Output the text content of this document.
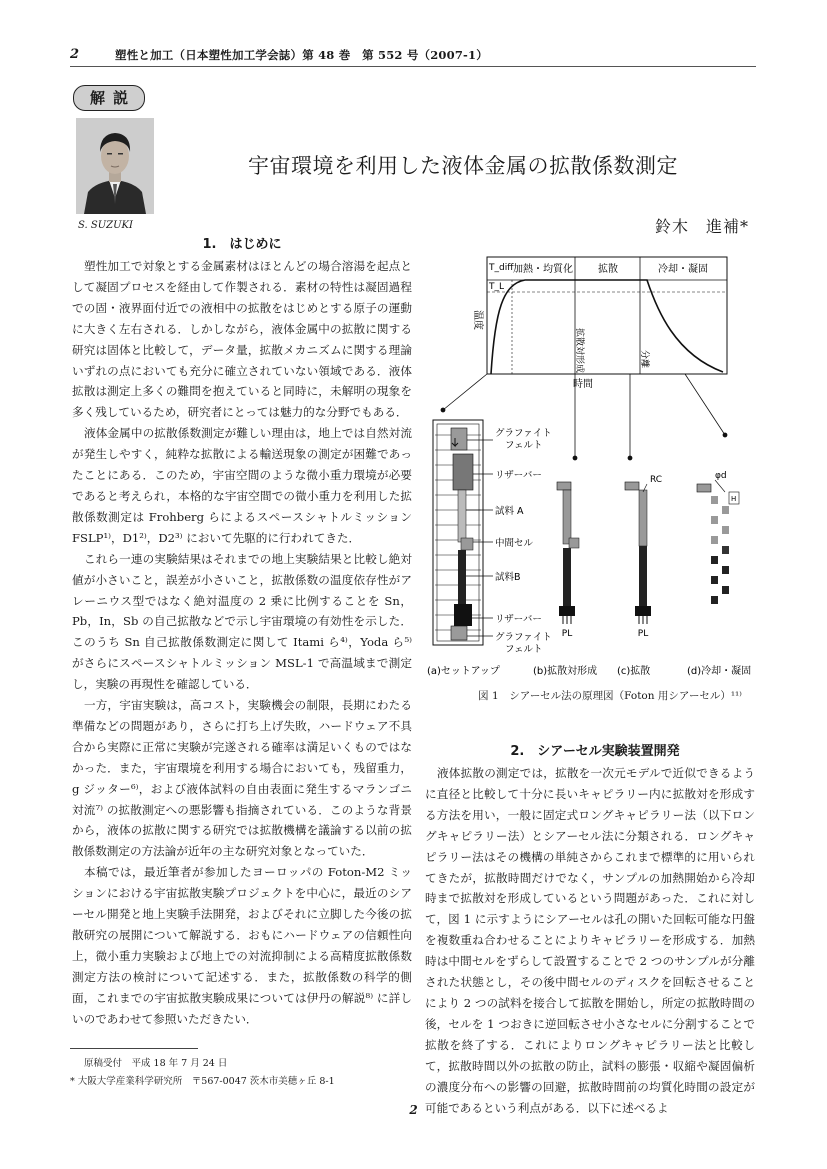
2	塑性と加工（日本塑性加工学会誌）第 48 巻　第 552 号（2007-1）
解説
S. SUZUKI
宇宙環境を利用した液体金属の拡散係数測定
鈴木　進補*
1.　はじめに

塑性加工で対象とする金属素材はほとんどの場合溶湯を起点として凝固プロセスを経由して作製される．素材の特性は凝固過程での固・液界面付近での液相中の拡散をはじめとする原子の運動に大きく左右される．しかしながら，液体金属中の拡散に関する研究は固体と比較して，データ量，拡散メカニズムに関する理論いずれの点においても充分に確立されていない領域である．液体拡散は測定上多くの難問を抱えていると同時に，未解明の現象を多く残しているため，研究者にとっては魅力的な分野でもある．

液体金属中の拡散係数測定が難しい理由は，地上では自然対流が発生しやすく，純粋な拡散による輸送現象の測定が困難であったことにある．このため，宇宙空間のような微小重力環境が必要であると考えられ，本格的な宇宙空間での微小重力を利用した拡散係数測定は Frohberg らによるスペースシャトルミッション FSLP¹⁾，D1²⁾，D2³⁾ において先駆的に行われてきた．

これら一連の実験結果はそれまでの地上実験結果と比較し絶対値が小さいこと，誤差が小さいこと，拡散係数の温度依存性がアレーニウス型ではなく絶対温度の 2 乗に比例することを Sn，Pb，In，Sb の自己拡散などで示し宇宙環境の有効性を示した．このうち Sn 自己拡散係数測定に関して Itami ら⁴⁾，Yoda ら⁵⁾ がさらにスペースシャトルミッション MSL-1 で高温域まで測定し，実験の再現性を確認している．

一方，宇宙実験は，高コスト，実験機会の制限，長期にわたる準備などの問題があり，さらに打ち上げ失敗，ハードウェア不具合から実際に正常に実験が完遂される確率は満足いくものではなかった．また，宇宙環境を利用する場合においても，残留重力，g ジッター⁶⁾，および液体試料の自由表面に発生するマランゴニ対流⁷⁾ の拡散測定への悪影響も指摘されている．このような背景から，液体の拡散に関する研究では拡散機構を議論する以前の拡散係数測定の方法論が近年の主な研究対象となっていた．

本稿では，最近筆者が参加したヨーロッパの Foton-M2 ミッションにおける宇宙拡散実験プロジェクトを中心に，最近のシアーセル開発と地上実験手法開発，およびそれに立脚した今後の拡散研究の展開について解説する．おもにハードウェアの信頼性向上，微小重力実験および地上での対流抑制による高精度拡散係数測定方法の検討について記述する．また，拡散係数の科学的側面，これまでの宇宙拡散実験成果については伊丹の解説⁸⁾ に詳しいのであわせて参照いただきたい．

T_diff
T_L
加熱・均質化	拡散	冷却・凝固
拡散対形成	分離
温度
時間
グラファイト
フェルト
リザーバー
試料 A
中間セル
試料B
リザーバー
グラファイト
フェルト
PL	PL
RC	φd
H
(a)セットアップ	(b)拡散対形成 (c)拡散	(d)冷却・凝固
図 1　シアーセル法の原理図（Foton 用シアーセル）¹¹⁾
2.　シアーセル実験装置開発

液体拡散の測定では，拡散を一次元モデルで近似できるように直径と比較して十分に長いキャピラリー内に拡散対を形成する方法を用い，一般に固定式ロングキャピラリー法（以下ロングキャピラリー法）とシアーセル法に分類される．ロングキャピラリー法はその機構の単純さからこれまで標準的に用いられてきたが，拡散時間だけでなく，サンプルの加熱開始から冷却時まで拡散対を形成しているという問題があった．これに対して，図 1 に示すようにシアーセルは孔の開いた回転可能な円盤を複数重ね合わせることによりキャピラリーを形成する．加熱時は中間セルをずらして設置することで 2 つのサンプルが分離された状態とし，その後中間セルのディスクを回転させることにより 2 つの試料を接合して拡散を開始し，所定の拡散時間の後，セルを 1 つおきに逆回転させ小さなセルに分割することで拡散を終了する．これによりロングキャピラリー法と比較して，拡散時間以外の拡散の防止，試料の膨張・収縮や凝固偏析の濃度分布への影響の回避，拡散時間前の均質化時間の設定が可能であるという利点がある．以下に述べるよ

原稿受付　平成 18 年 7 月 24 日
* 大阪大学産業科学研究所　〒567-0047 茨木市美穂ヶ丘 8-1
2
